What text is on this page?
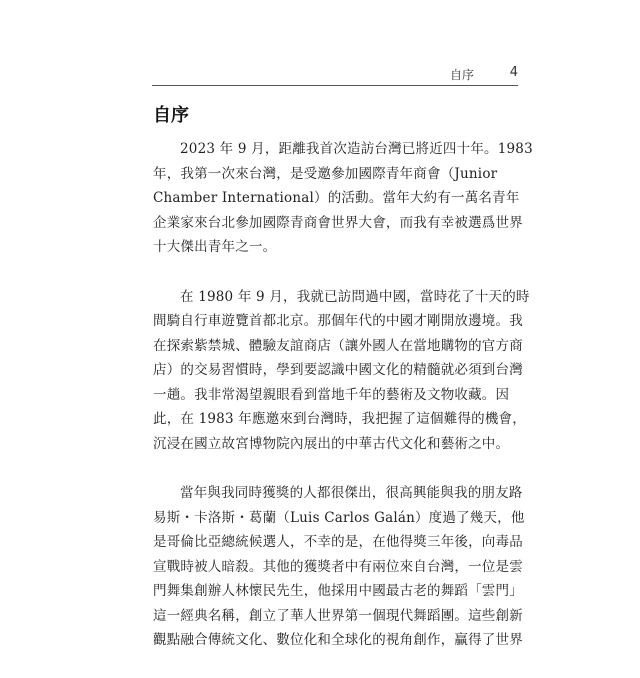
自序	4
自序

2023 年 9 月，距離我首次造訪台灣已將近四十年。1983
年，我第一次來台灣，是受邀參加國際青年商會（Junior
Chamber International）的活動。當年大約有一萬名青年
企業家來台北參加國際青商會世界大會，而我有幸被選爲世界
十大傑出青年之一。

在 1980 年 9 月，我就已訪問過中國，當時花了十天的時
間騎自行車遊覽首都北京。那個年代的中國才剛開放邊境。我
在探索紫禁城、體驗友誼商店（讓外國人在當地購物的官方商
店）的交易習慣時，學到要認識中國文化的精髓就必須到台灣
一趟。我非常渴望親眼看到當地千年的藝術及文物收藏。因
此，在 1983 年應邀來到台灣時，我把握了這個難得的機會，
沉浸在國立故宮博物院內展出的中華古代文化和藝術之中。

當年與我同時獲獎的人都很傑出，很高興能與我的朋友路
易斯・卡洛斯・葛蘭（Luis Carlos Galán）度過了幾天，他
是哥倫比亞總統候選人，不幸的是，在他得獎三年後，向毒品
宣戰時被人暗殺。其他的獲獎者中有兩位來自台灣，一位是雲
門舞集創辦人林懷民先生，他採用中國最古老的舞蹈「雲門」
這一經典名稱，創立了華人世界第一個現代舞蹈團。這些創新
觀點融合傳統文化、數位化和全球化的視角創作，贏得了世界
